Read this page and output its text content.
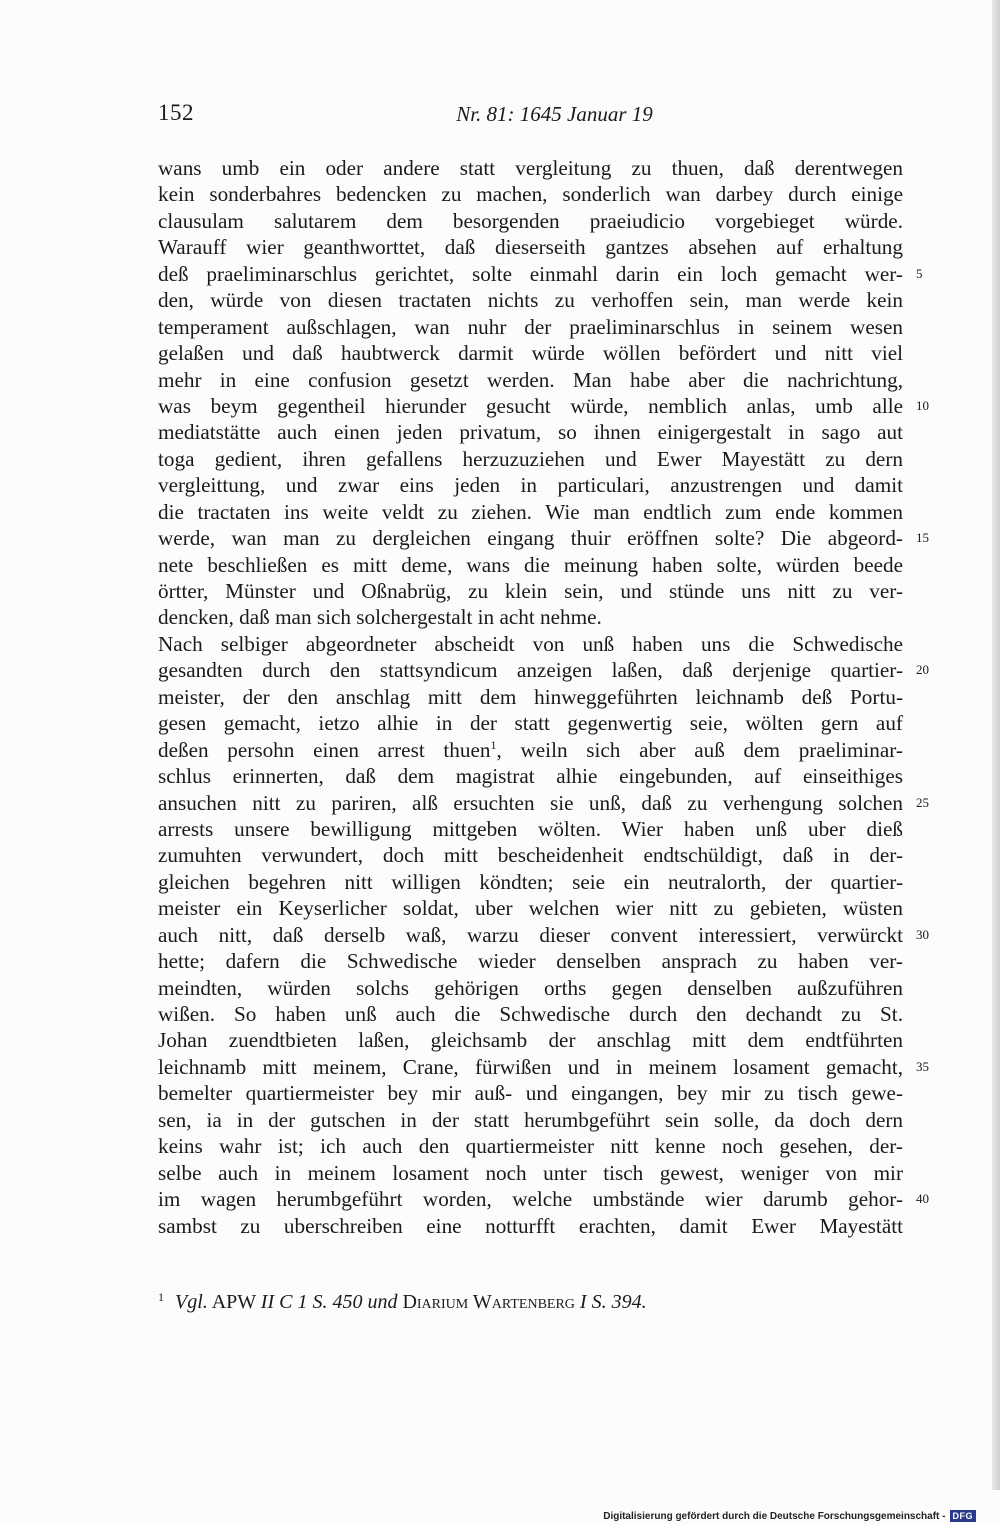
152	Nr. 81: 1645 Januar 19
wans umb ein oder andere statt vergleitung zu thuen, daß derentwegen
kein sonderbahres bedencken zu machen, sonderlich wan darbey durch einige
clausulam salutarem dem besorgenden praeiudicio vorgebieget würde.
Warauff wier geanthworttet, daß dieserseith gantzes absehen auf erhaltung
deß praeliminarschlus gerichtet, solte einmahl darin ein loch gemacht wer- 5
den, würde von diesen tractaten nichts zu verhoffen sein, man werde kein
temperament außschlagen, wan nuhr der praeliminarschlus in seinem wesen
gelaßen und daß haubtwerck darmit würde wöllen befördert und nitt viel
mehr in eine confusion gesetzt werden. Man habe aber die nachrichtung,
was beym gegentheil hierunder gesucht würde, nemblich anlas, umb alle 10
mediatstätte auch einen jeden privatum, so ihnen einigergestalt in sago aut
toga gedient, ihren gefallens herzuzuziehen und Ewer Mayestätt zu dern
vergleittung, und zwar eins jeden in particulari, anzustrengen und damit
die tractaten ins weite veldt zu ziehen. Wie man endtlich zum ende kommen
werde, wan man zu dergleichen eingang thuir eröffnen solte? Die abgeord- 15
nete beschließen es mitt deme, wans die meinung haben solte, würden beede
örtter, Münster und Oßnabrüg, zu klein sein, und stünde uns nitt zu ver-
dencken, daß man sich solchergestalt in acht nehme.
Nach selbiger abgeordneter abscheidt von unß haben uns die Schwedische
gesandten durch den stattsyndicum anzeigen laßen, daß derjenige quartier- 20
meister, der den anschlag mitt dem hinweggeführten leichnamb deß Portu-
gesen gemacht, ietzo alhie in der statt gegenwertig seie, wölten gern auf
deßen persohn einen arrest thuen$^1$, weiln sich aber auß dem praeliminar-
schlus erinnerten, daß dem magistrat alhie eingebunden, auf einseithiges
ansuchen nitt zu pariren, alß ersuchten sie unß, daß zu verhengung solchen 25
arrests unsere bewilligung mittgeben wölten. Wier haben unß uber dieß
zumuhten verwundert, doch mitt bescheidenheit endtschüldigt, daß in der-
gleichen begehren nitt willigen köndten; seie ein neutralorth, der quartier-
meister ein Keyserlicher soldat, uber welchen wier nitt zu gebieten, wüsten
auch nitt, daß derselb waß, warzu dieser convent interessiert, verwürckt 30
hette; dafern die Schwedische wieder denselben ansprach zu haben ver-
meindten, würden solchs gehörigen orths gegen denselben außzuführen
wißen. So haben unß auch die Schwedische durch den dechandt zu St.
Johan zuendtbieten laßen, gleichsamb der anschlag mitt dem endtführten
leichnamb mitt meinem, Crane, fürwißen und in meinem losament gemacht, 35
bemelter quartiermeister bey mir auß- und eingangen, bey mir zu tisch gewe-
sen, ia in der gutschen in der statt herumbgeführt sein solle, da doch dern
keins wahr ist; ich auch den quartiermeister nitt kenne noch gesehen, der-
selbe auch in meinem losament noch unter tisch gewest, weniger von mir
im wagen herumbgeführt worden, welche umbstände wier darumb gehor- 40
sambst zu uberschreiben eine notturfft erachten, damit Ewer Mayestätt
$^1$ Vgl. APW II C 1 S. 450 und Diarium Wartenberg I S. 394.
Digitalisierung gefördert durch die Deutsche Forschungsgemeinschaft - DFG
